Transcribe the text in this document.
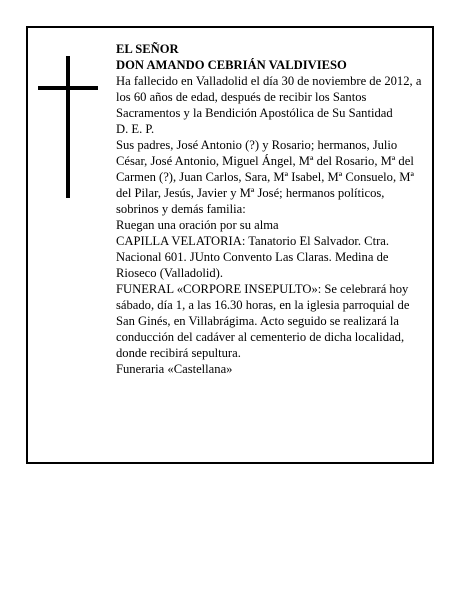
EL SEÑOR

DON AMANDO CEBRIÁN VALDIVIESO

Ha fallecido en Valladolid el día 30 de noviembre de 2012, a los 60 años de edad, después de recibir los Santos Sacramentos y la Bendición Apostólica de Su Santidad

D. E. P.

Sus padres, José Antonio (?) y Rosario; hermanos, Julio César, José Antonio, Miguel Ángel, Mª del Rosario, Mª del Carmen (?), Juan Carlos, Sara, Mª Isabel, Mª Consuelo, Mª del Pilar, Jesús, Javier y Mª José; hermanos políticos, sobrinos y demás familia:

Ruegan una oración por su alma

CAPILLA VELATORIA: Tanatorio El Salvador. Ctra. Nacional 601. JUnto Convento Las Claras. Medina de Rioseco (Valladolid).

FUNERAL «CORPORE INSEPULTO»: Se celebrará hoy sábado, día 1, a las 16.30 horas, en la iglesia parroquial de San Ginés, en Villabrágima. Acto seguido se realizará la conducción del cadáver al cementerio de dicha localidad, donde recibirá sepultura.

Funeraria «Castellana»
